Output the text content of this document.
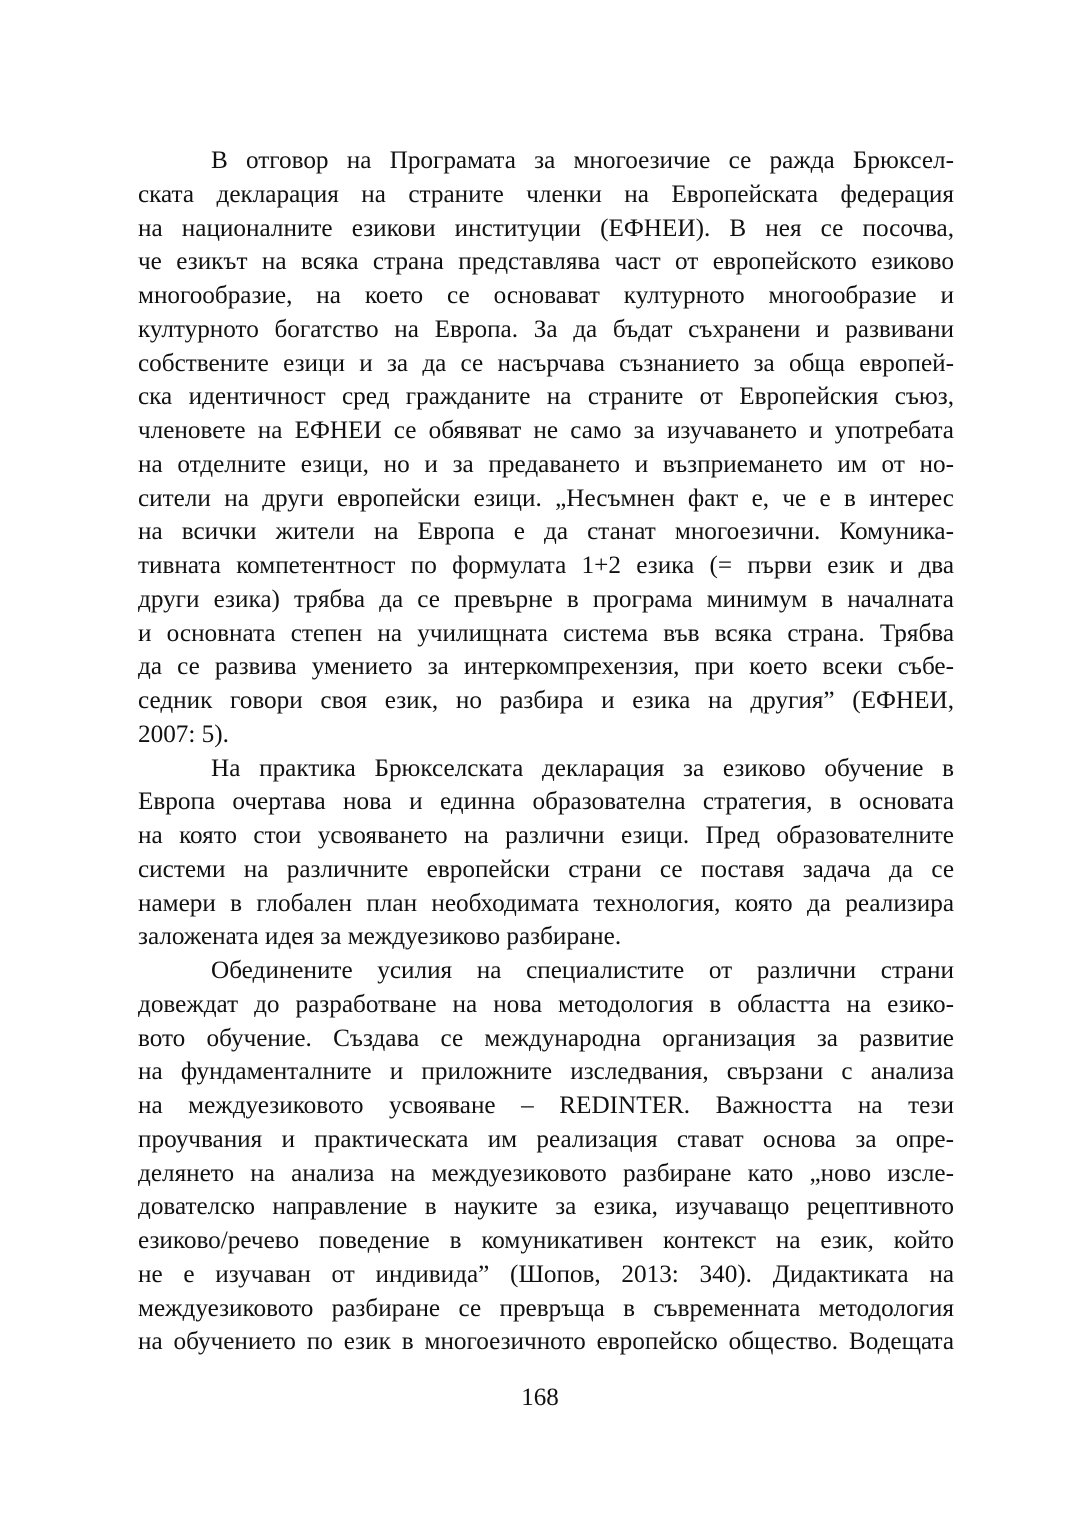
В отговор на Програмата за многоезичие се ражда Брюксел-
ската декларация на страните членки на Европейската федерация
на националните езикови институции (ЕФНЕИ). В нея се посочва,
че езикът на всяка страна представлява част от европейското езиково
многообразие, на което се основават културното многообразие и
културното богатство на Европа. За да бъдат съхранени и развивани
собствените езици и за да се насърчава съзнанието за обща европей-
ска идентичност сред гражданите на страните от Европейския съюз,
членовете на ЕФНЕИ се обявяват не само за изучаването и употребата
на отделните езици, но и за предаването и възприемането им от но-
сители на други европейски езици. „Несъмнен факт е, че е в интерес
на всички жители на Европа е да станат многоезични. Комуника-
тивната компетентност по формулата 1+2 езика (= първи език и два
други езика) трябва да се превърне в програма минимум в началната
и основната степен на училищната система във всяка страна. Трябва
да се развива умението за интеркомпрехензия, при което всеки събе-
седник говори своя език, но разбира и езика на другия” (ЕФНЕИ,
2007: 5).
На практика Брюкселската декларация за езиково обучение в
Европа очертава нова и единна образователна стратегия, в основата
на която стои усвояването на различни езици. Пред образователните
системи на различните европейски страни се поставя задача да се
намери в глобален план необходимата технология, която да реализира
заложената идея за междуезиково разбиране.
Обединените усилия на специалистите от различни страни
довеждат до разработване на нова методология в областта на езико-
вото обучение. Създава се международна организация за развитие
на фундаменталните и приложните изследвания, свързани с анализа
на междуезиковото усвояване – REDINTER. Важността на тези
проучвания и практическата им реализация стават основа за опре-
делянето на анализа на междуезиковото разбиране като „ново изсле-
дователско направление в науките за езика, изучаващо рецептивното
езиково/речево поведение в комуникативен контекст на език, който
не е изучаван от индивида” (Шопов, 2013: 340). Дидактиката на
междуезиковото разбиране се превръща в съвременната методология
на обучението по език в многоезичното европейско общество. Водещата
168
